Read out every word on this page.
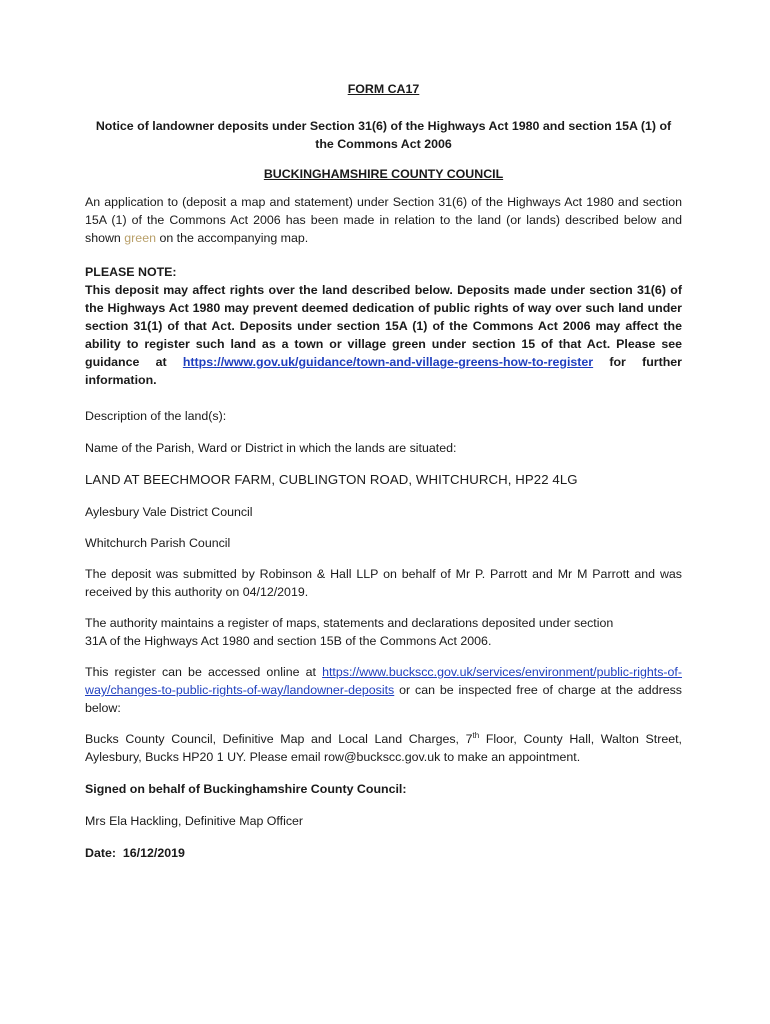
FORM CA17

Notice of landowner deposits under Section 31(6) of the Highways Act 1980 and section 15A (1) of the Commons Act 2006

BUCKINGHAMSHIRE COUNTY COUNCIL

An application to (deposit a map and statement) under Section 31(6) of the Highways Act 1980 and section 15A (1) of the Commons Act 2006 has been made in relation to the land (or lands) described below and shown green on the accompanying map.

PLEASE NOTE:

This deposit may affect rights over the land described below. Deposits made under section 31(6) of the Highways Act 1980 may prevent deemed dedication of public rights of way over such land under section 31(1) of that Act. Deposits under section 15A (1) of the Commons Act 2006 may affect the ability to register such land as a town or village green under section 15 of that Act. Please see guidance at https://www.gov.uk/guidance/town-and-village-greens-how-to-register for further information.

Description of the land(s):

Name of the Parish, Ward or District in which the lands are situated:

LAND AT BEECHMOOR FARM, CUBLINGTON ROAD, WHITCHURCH, HP22 4LG

Aylesbury Vale District Council

Whitchurch Parish Council

The deposit was submitted by Robinson & Hall LLP on behalf of Mr P. Parrott and Mr M Parrott and was received by this authority on 04/12/2019.

The authority maintains a register of maps, statements and declarations deposited under section

31A of the Highways Act 1980 and section 15B of the Commons Act 2006.

This register can be accessed online at https://www.buckscc.gov.uk/services/environment/public-rights-of-way/changes-to-public-rights-of-way/landowner-deposits or can be inspected free of charge at the address below:

Bucks County Council, Definitive Map and Local Land Charges, 7th Floor, County Hall, Walton Street, Aylesbury, Bucks HP20 1 UY. Please email row@buckscc.gov.uk to make an appointment.

Signed on behalf of Buckinghamshire County Council:

Mrs Ela Hackling, Definitive Map Officer

Date: 16/12/2019
